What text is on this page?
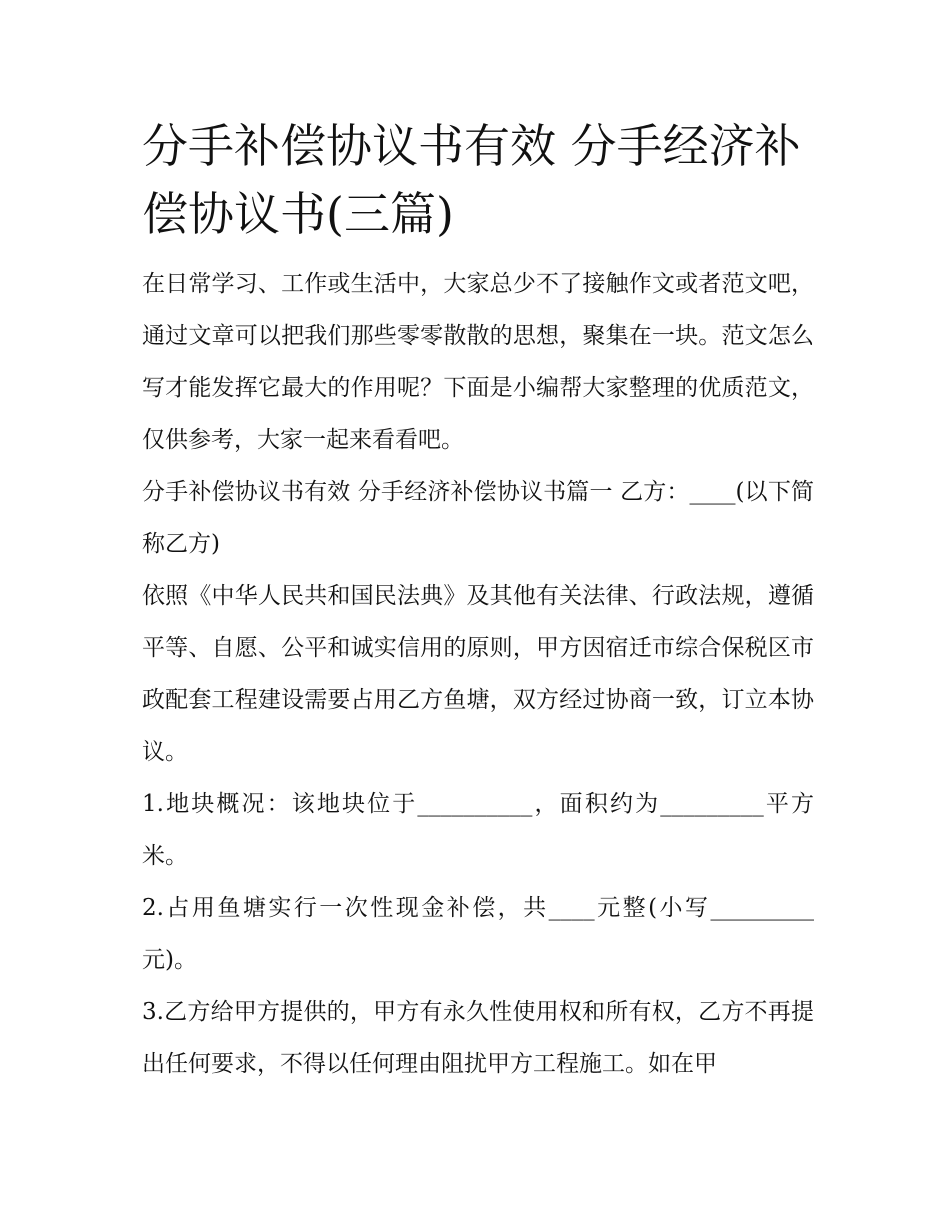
分手补偿协议书有效 分手经济补偿协议书(三篇)

在日常学习、工作或生活中，大家总少不了接触作文或者范文吧，通过文章可以把我们那些零零散散的思想，聚集在一块。范文怎么写才能发挥它最大的作用呢？下面是小编帮大家整理的优质范文，仅供参考，大家一起来看看吧。

分手补偿协议书有效 分手经济补偿协议书篇一 乙方：____(以下简称乙方)

依照《中华人民共和国民法典》及其他有关法律、行政法规，遵循平等、自愿、公平和诚实信用的原则，甲方因宿迁市综合保税区市政配套工程建设需要占用乙方鱼塘，双方经过协商一致，订立本协议。

1.地块概况：该地块位于__________，面积约为_________平方米。

2.占用鱼塘实行一次性现金补偿，共____元整(小写_________元)。

3.乙方给甲方提供的，甲方有永久性使用权和所有权，乙方不再提出任何要求，不得以任何理由阻扰甲方工程施工。如在甲
